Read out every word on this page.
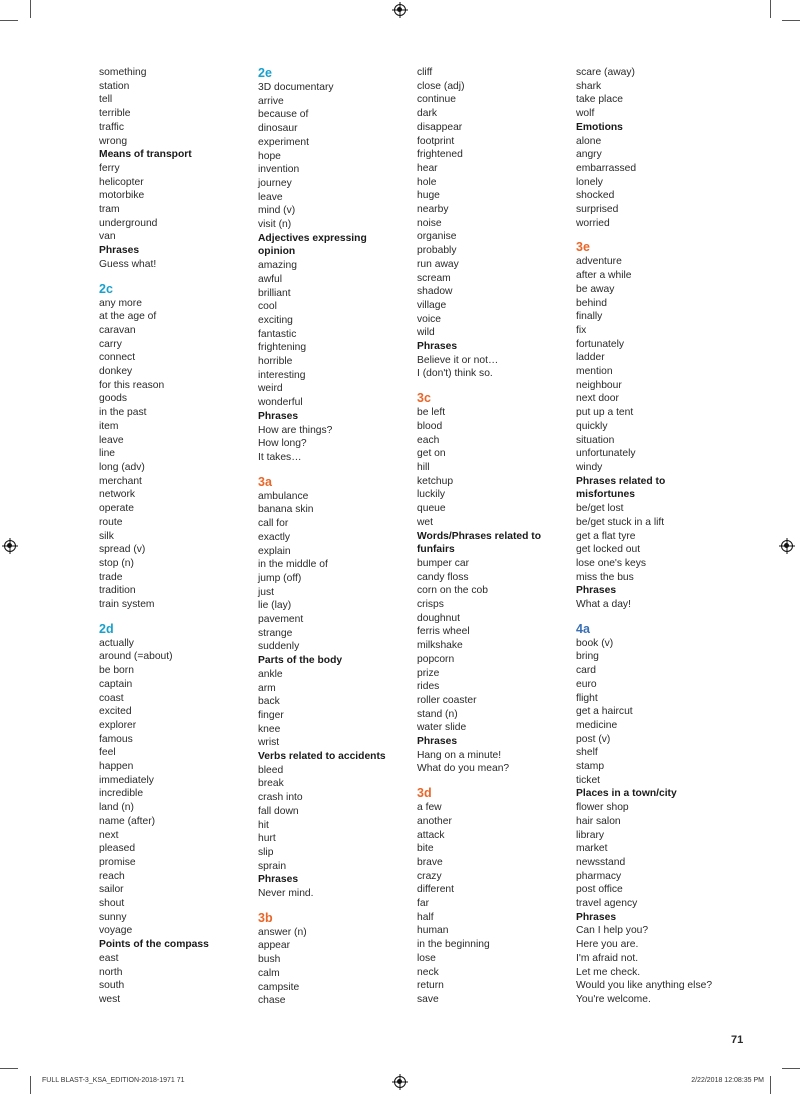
something
station
tell
terrible
traffic
wrong
Means of transport
ferry
helicopter
motorbike
tram
underground
van
Phrases
Guess what!
2c
any more
at the age of
caravan
carry
connect
donkey
for this reason
goods
in the past
item
leave
line
long (adv)
merchant
network
operate
route
silk
spread (v)
stop (n)
trade
tradition
train system
2d
actually
around (=about)
be born
captain
coast
excited
explorer
famous
feel
happen
immediately
incredible
land (n)
name (after)
next
pleased
promise
reach
sailor
shout
sunny
voyage
Points of the compass
east
north
south
west
2e
3D documentary
arrive
because of
dinosaur
experiment
hope
invention
journey
leave
mind (v)
visit (n)
Adjectives expressing
opinion
amazing
awful
brilliant
cool
exciting
fantastic
frightening
horrible
interesting
weird
wonderful
Phrases
How are things?
How long?
It takes…
3a
ambulance
banana skin
call for
exactly
explain
in the middle of
jump (off)
just
lie (lay)
pavement
strange
suddenly
Parts of the body
ankle
arm
back
finger
knee
wrist
Verbs related to accidents
bleed
break
crash into
fall down
hit
hurt
slip
sprain
Phrases
Never mind.
3b
answer (n)
appear
bush
calm
campsite
chase
cliff
close (adj)
continue
dark
disappear
footprint
frightened
hear
hole
huge
nearby
noise
organise
probably
run away
scream
shadow
village
voice
wild
Phrases
Believe it or not…
I (don't) think so.
3c
be left
blood
each
get on
hill
ketchup
luckily
queue
wet
Words/Phrases related to
funfairs
bumper car
candy floss
corn on the cob
crisps
doughnut
ferris wheel
milkshake
popcorn
prize
rides
roller coaster
stand (n)
water slide
Phrases
Hang on a minute!
What do you mean?
3d
a few
another
attack
bite
brave
crazy
different
far
half
human
in the beginning
lose
neck
return
save
scare (away)
shark
take place
wolf
Emotions
alone
angry
embarrassed
lonely
shocked
surprised
worried
3e
adventure
after a while
be away
behind
finally
fix
fortunately
ladder
mention
neighbour
next door
put up a tent
quickly
situation
unfortunately
windy
Phrases related to
misfortunes
be/get lost
be/get stuck in a lift
get a flat tyre
get locked out
lose one's keys
miss the bus
Phrases
What a day!
4a
book (v)
bring
card
euro
flight
get a haircut
medicine
post (v)
shelf
stamp
ticket
Places in a town/city
flower shop
hair salon
library
market
newsstand
pharmacy
post office
travel agency
Phrases
Can I help you?
Here you are.
I'm afraid not.
Let me check.
Would you like anything else?
You're welcome.
71
FULL BLAST-3_KSA_EDITION-2018-1971 71	2/22/2018 12:08:35 PM
